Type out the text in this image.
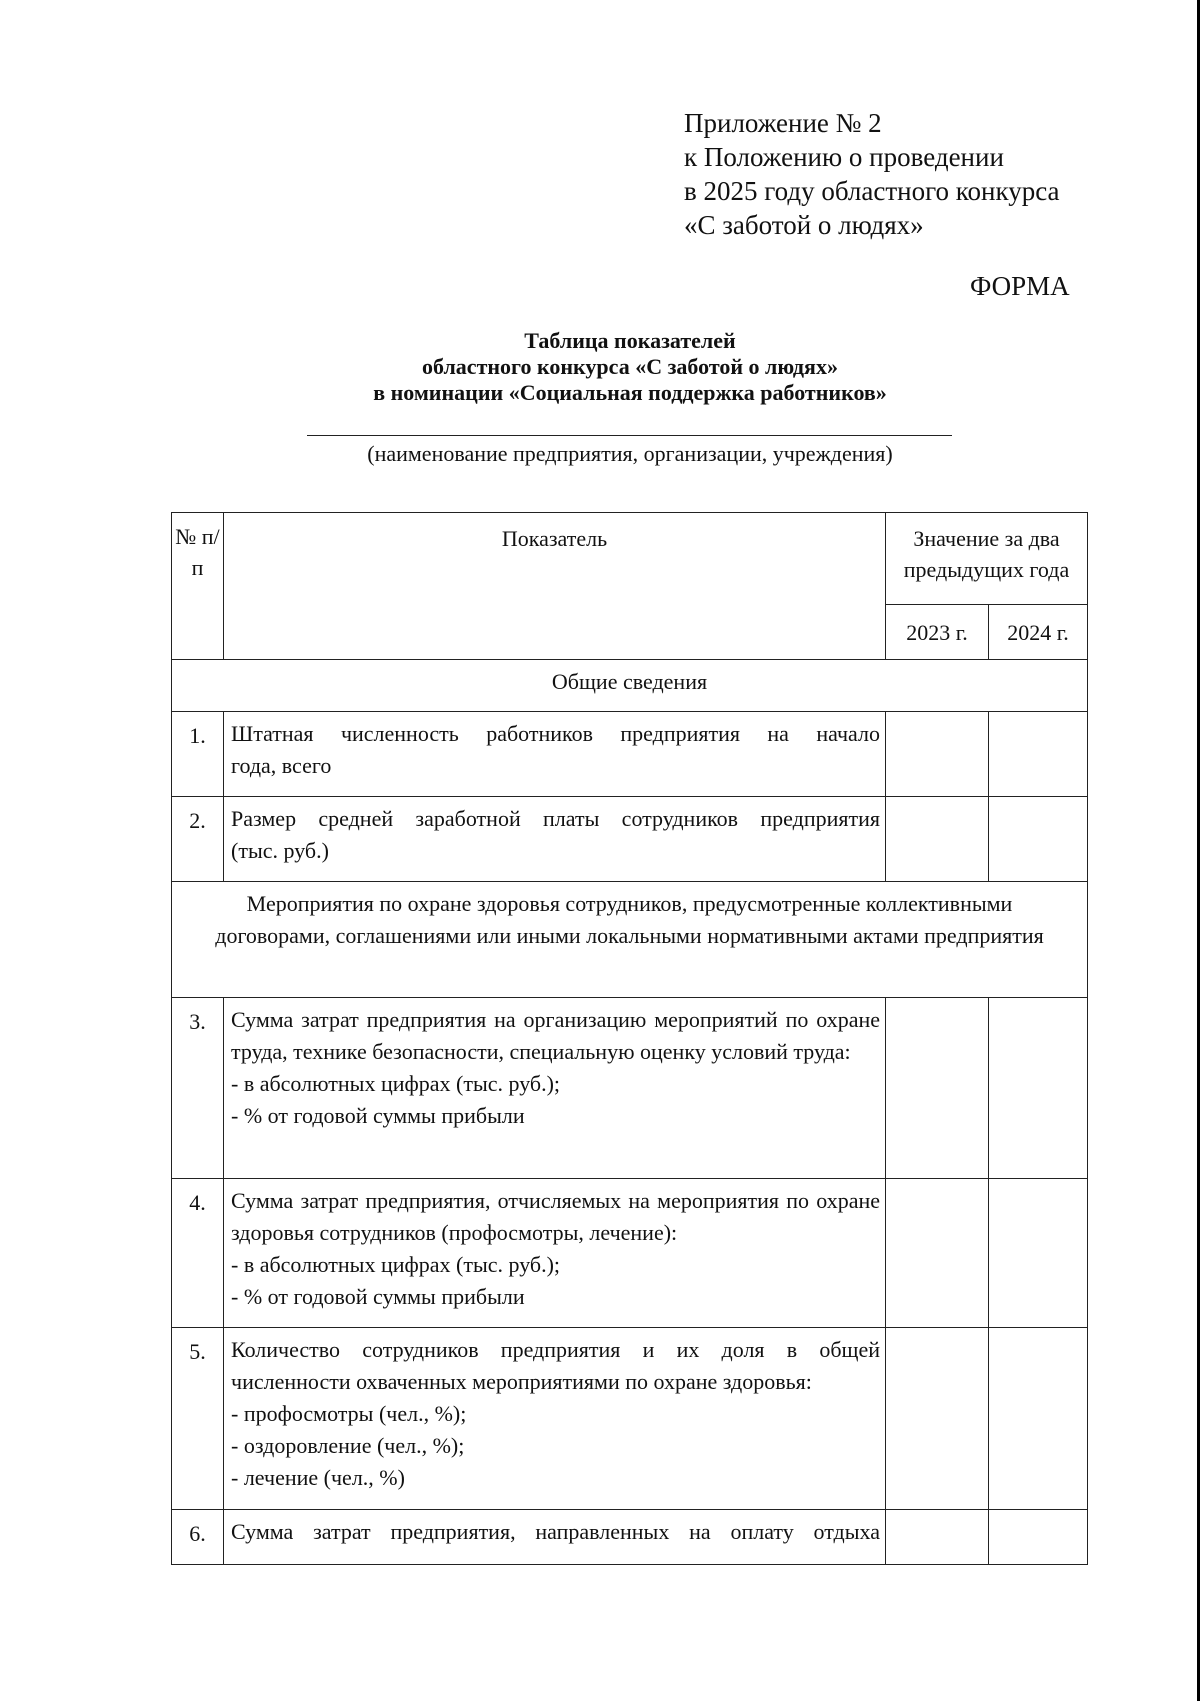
Приложение № 2
к Положению о проведении
в 2025 году областного конкурса
«С заботой о людях»
ФОРМА
Таблица показателей
областного конкурса «С заботой о людях»
в номинации «Социальная поддержка работников»
(наименование предприятия, организации, учреждения)
№ п/п	Показатель	Значение за два предыдущих года	
		2023 г.	2024 г.
Общие сведения			
1.	Штатная численность работников предприятия на начало
года, всего		

2.	Размер средней заработной платы сотрудников предприятия
(тыс. руб.)		

Мероприятия по охране здоровья сотрудников, предусмотренные коллективными договорами, соглашениями или иными локальными нормативными актами предприятия			
3.	Сумма затрат предприятия на организацию мероприятий по охране труда, технике безопасности, специальную оценку условий труда:
- в абсолютных цифрах (тыс. руб.);
- % от годовой суммы прибыли		

4.	Сумма затрат предприятия, отчисляемых на мероприятия по охране здоровья сотрудников (профосмотры, лечение):
- в абсолютных цифрах (тыс. руб.);
- % от годовой суммы прибыли		

5.	Количество сотрудников предприятия и их доля в общей численности охваченных мероприятиями по охране здоровья:
- профосмотры (чел., %);
- оздоровление (чел., %);
- лечение (чел., %)		

6.	Сумма затрат предприятия, направленных на оплату отдыха		
